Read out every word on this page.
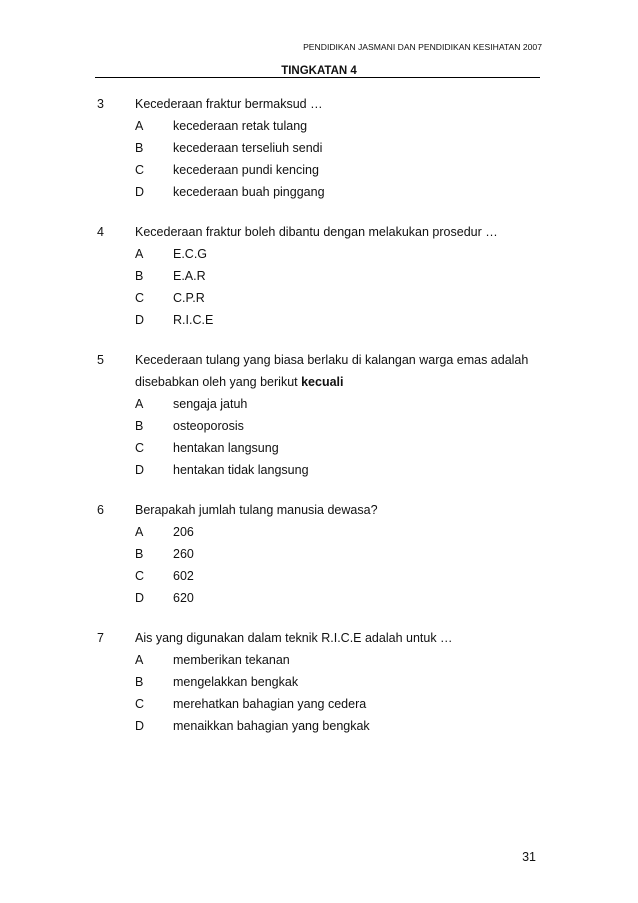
PENDIDIKAN JASMANI DAN PENDIDIKAN KESIHATAN 2007
TINGKATAN 4
3 Kecederaan fraktur bermaksud …
A kecederaan retak tulang
B kecederaan terseliuh sendi
C kecederaan pundi kencing
D kecederaan buah pinggang
4 Kecederaan fraktur boleh dibantu dengan melakukan prosedur …
A E.C.G
B E.A.R
C C.P.R
D R.I.C.E
5 Kecederaan tulang yang biasa berlaku di kalangan warga emas adalah
disebabkan oleh yang berikut kecuali
A sengaja jatuh
B osteoporosis
C hentakan langsung
D hentakan tidak langsung
6 Berapakah jumlah tulang manusia dewasa?
A 206
B 260
C 602
D 620
7 Ais yang digunakan dalam teknik R.I.C.E adalah untuk …
A memberikan tekanan
B mengelakkan bengkak
C merehatkan bahagian yang cedera
D menaikkan bahagian yang bengkak
31
